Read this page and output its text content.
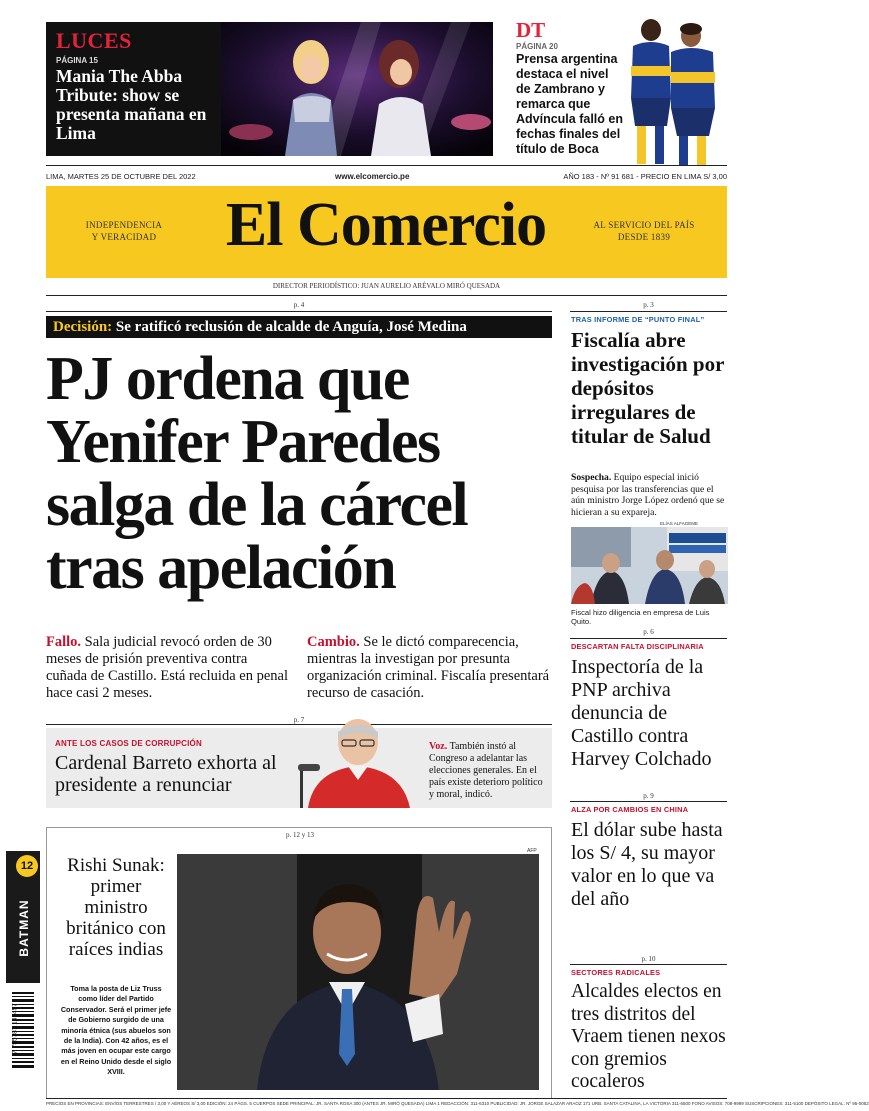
LUCES
PÁGINA 15
Mania The Abba Tribute: show se presenta mañana en Lima
DT
PÁGINA 20
Prensa argentina destaca el nivel de Zambrano y remarca que Advíncula falló en fechas finales del título de Boca
LIMA, MARTES 25 DE OCTUBRE DEL 2022	www.elcomercio.pe	AÑO 183 - Nº 91 681 - PRECIO EN LIMA S/ 3,00
INDEPENDENCIA
Y VERACIDAD	El Comercio	AL SERVICIO DEL PAÍS
DESDE 1839
DIRECTOR PERIODÍSTICO: JUAN AURELIO ARÉVALO MIRÓ QUESADA
p. 4
Decisión: Se ratificó reclusión de alcalde de Anguía, José Medina
PJ ordena que
Yenifer Paredes
salga de la cárcel
tras apelación
Fallo. Sala judicial revocó orden de 30 meses de prisión preventiva contra cuñada de Castillo. Está recluida en penal hace casi 2 meses.
Cambio. Se le dictó comparecencia, mientras la investigan por presunta organización criminal. Fiscalía presentará recurso de casación.
p. 7
ANTE LOS CASOS DE CORRUPCIÓN
Cardenal Barreto exhorta al presidente a renunciar
Voz. También instó al Congreso a adelantar las elecciones generales. En el país existe deterioro político y moral, indicó.
p. 12 y 13
Rishi Sunak: primer ministro británico con raíces indias
Toma la posta de Liz Truss como líder del Partido Conservador. Será el primer jefe de Gobierno surgido de una minoría étnica (sus abuelos son de la India). Con 42 años, es el más joven en ocupar este cargo en el Reino Unido desde el siglo XVIII.
AFP
12
BATMAN
7 755787 141457
p. 3
TRAS INFORME DE “PUNTO FINAL”
Fiscalía abre investigación por depósitos irregulares de titular de Salud
Sospecha. Equipo especial inició pesquisa por las transferencias que el aún ministro Jorge López ordenó que se hicieran a su expareja.
ELÍAS ALFAGEME
Fiscal hizo diligencia en empresa de Luis Quito.
p. 6
DESCARTAN FALTA DISCIPLINARIA
Inspectoría de la PNP archiva denuncia de Castillo contra Harvey Colchado
p. 9
ALZA POR CAMBIOS EN CHINA
El dólar sube hasta los S/ 4, su mayor valor en lo que va del año
p. 10
SECTORES RADICALES
Alcaldes electos en tres distritos del Vraem tienen nexos con gremios cocaleros
PRECIOS EN PROVINCIAS: ENVÍOS TERRESTRES / 3,00 Y AÉREOS S/ 3,00 EDICIÓN: 24 PÁGS. 5 CUERPOS SEDE PRINCIPAL: JR. SANTA ROSA 300 (ANTES JR. MIRÓ QUESADA) LIMA 1 REDACCIÓN: 311-6310 PUBLICIDAD: JR. JORGE SALAZAR ARAOZ 171 URB. SANTA CATALINA, LA VICTORIA 311-6500 FONO AVISOS: 708-9999 SUSCRIPCIONES: 311-5100 DEPÓSITO LEGAL: Nº 95-0052
